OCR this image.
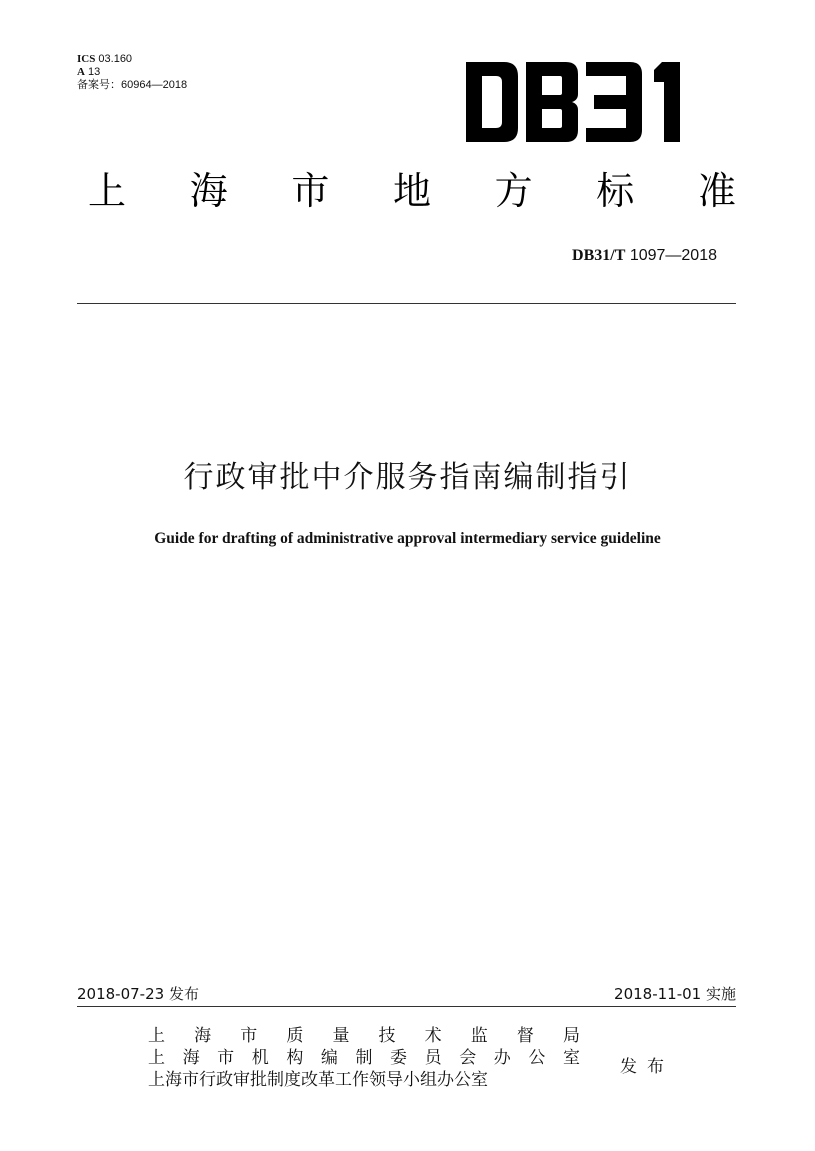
ICS 03.160
A 13
备案号：60964—2018
上 海 市 地 方 标 准
DB31/T 1097—2018
行政审批中介服务指南编制指引
Guide for drafting of administrative approval intermediary service guideline
2018-07-23 发布	2018-11-01 实施
上 海 市 质 量 技 术 监 督 局
上 海 市 机 构 编 制 委 员 会 办 公 室
上海市行政审批制度改革工作领导小组办公室
发布
